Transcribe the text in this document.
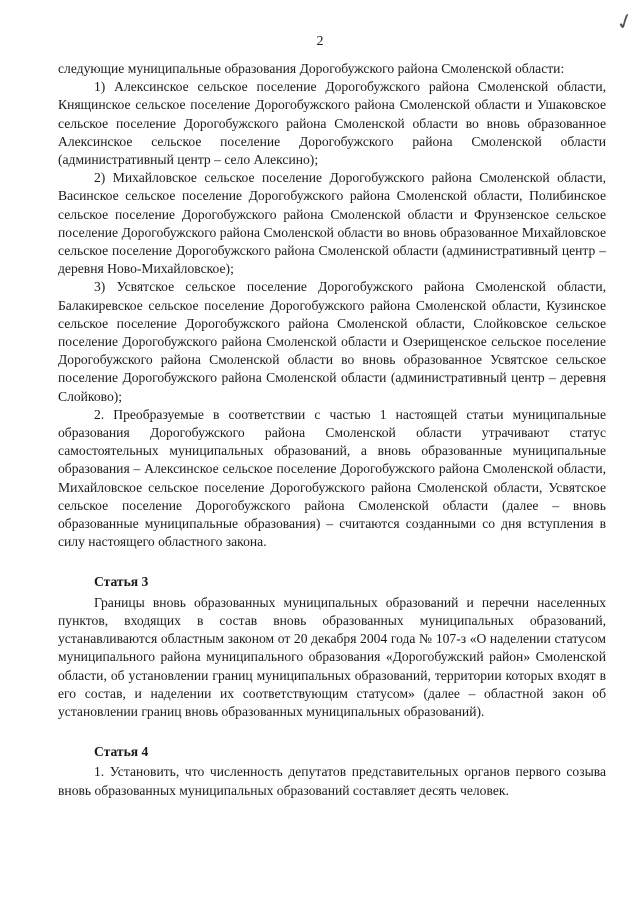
✓
2

следующие муниципальные образования Дорогобужского района Смоленской области:

1) Алексинское сельское поселение Дорогобужского района Смоленской области, Княщинское сельское поселение Дорогобужского района Смоленской области и Ушаковское сельское поселение Дорогобужского района Смоленской области во вновь образованное Алексинское сельское поселение Дорогобужского района Смоленской области (административный центр – село Алексино);

2) Михайловское сельское поселение Дорогобужского района Смоленской области, Васинское сельское поселение Дорогобужского района Смоленской области, Полибинское сельское поселение Дорогобужского района Смоленской области и Фрунзенское сельское поселение Дорогобужского района Смоленской области во вновь образованное Михайловское сельское поселение Дорогобужского района Смоленской области (административный центр – деревня Ново-Михайловское);

3) Усвятское сельское поселение Дорогобужского района Смоленской области, Балакиревское сельское поселение Дорогобужского района Смоленской области, Кузинское сельское поселение Дорогобужского района Смоленской области, Слойковское сельское поселение Дорогобужского района Смоленской области и Озерищенское сельское поселение Дорогобужского района Смоленской области во вновь образованное Усвятское сельское поселение Дорогобужского района Смоленской области (административный центр – деревня Слойково);

2. Преобразуемые в соответствии с частью 1 настоящей статьи муниципальные образования Дорогобужского района Смоленской области утрачивают статус самостоятельных муниципальных образований, а вновь образованные муниципальные образования – Алексинское сельское поселение Дорогобужского района Смоленской области, Михайловское сельское поселение Дорогобужского района Смоленской области, Усвятское сельское поселение Дорогобужского района Смоленской области (далее – вновь образованные муниципальные образования) – считаются созданными со дня вступления в силу настоящего областного закона.

Статья 3

Границы вновь образованных муниципальных образований и перечни населенных пунктов, входящих в состав вновь образованных муниципальных образований, устанавливаются областным законом от 20 декабря 2004 года № 107-з «О наделении статусом муниципального района муниципального образования «Дорогобужский район» Смоленской области, об установлении границ муниципальных образований, территории которых входят в его состав, и наделении их соответствующим статусом» (далее – областной закон об установлении границ вновь образованных муниципальных образований).

Статья 4

1. Установить, что численность депутатов представительных органов первого созыва вновь образованных муниципальных образований составляет десять человек.
